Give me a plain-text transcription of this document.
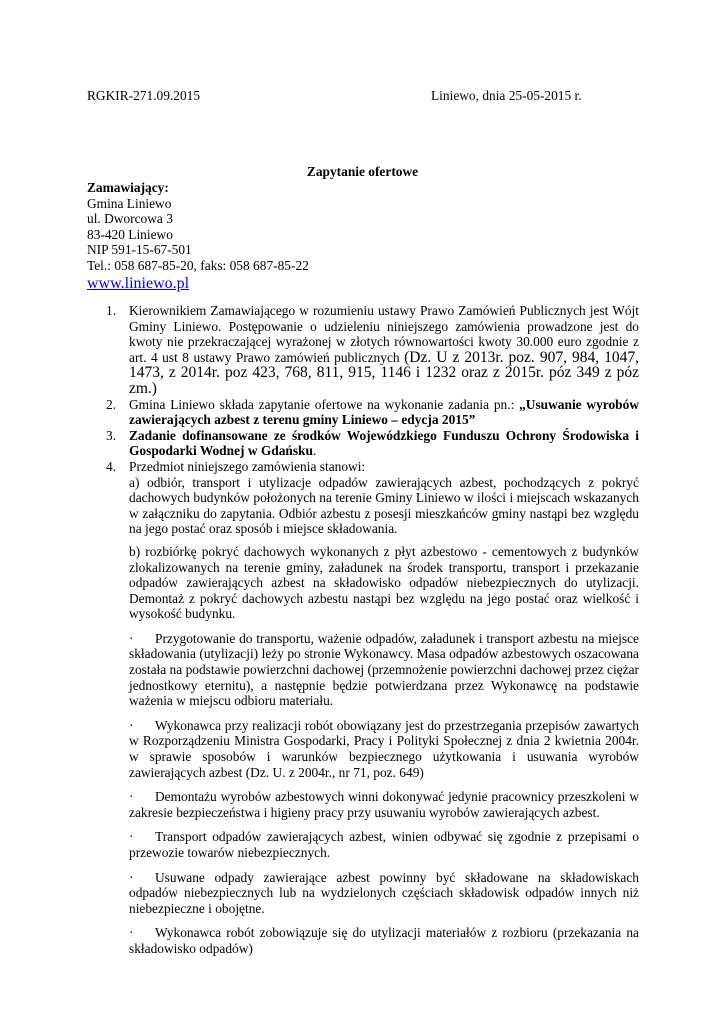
RGKIR-271.09.2015	Liniewo, dnia 25-05-2015 r.
Zapytanie ofertowe
Zamawiający:
Gmina Liniewo
ul. Dworcowa 3
83-420 Liniewo
NIP 591-15-67-501
Tel.: 058 687-85-20, faks: 058 687-85-22
www.liniewo.pl
1. Kierownikiem Zamawiającego w rozumieniu ustawy Prawo Zamówień Publicznych jest Wójt Gminy Liniewo. Postępowanie o udzieleniu niniejszego zamówienia prowadzone jest do kwoty nie przekraczającej wyrażonej w złotych równowartości kwoty 30.000 euro zgodnie z art. 4 ust 8 ustawy Prawo zamówień publicznych (Dz. U z 2013r. poz. 907, 984, 1047, 1473, z 2014r. poz 423, 768, 811, 915, 1146 i 1232 oraz z 2015r. póz 349 z póz zm.)

2. Gmina Liniewo składa zapytanie ofertowe na wykonanie zadania pn.: „Usuwanie wyrobów zawierających azbest z terenu gminy Liniewo – edycja 2015”

3. Zadanie dofinansowane ze środków Wojewódzkiego Funduszu Ochrony Środowiska i Gospodarki Wodnej w Gdańsku.

4. Przedmiot niniejszego zamówienia stanowi:

a) odbiór, transport i utylizacje odpadów zawierających azbest, pochodzących z pokryć dachowych budynków położonych na terenie Gminy Liniewo w ilości i miejscach wskazanych w załączniku do zapytania. Odbiór azbestu z posesji mieszkańców gminy nastąpi bez względu na jego postać oraz sposób i miejsce składowania.

b) rozbiórkę pokryć dachowych wykonanych z płyt azbestowo - cementowych z budynków zlokalizowanych na terenie gminy, załadunek na środek transportu, transport i przekazanie odpadów zawierających azbest na składowisko odpadów niebezpiecznych do utylizacji. Demontaż z pokryć dachowych azbestu nastąpi bez względu na jego postać oraz wielkość i wysokość budynku.

· Przygotowanie do transportu, ważenie odpadów, załadunek i transport azbestu na miejsce składowania (utylizacji) leży po stronie Wykonawcy. Masa odpadów azbestowych oszacowana została na podstawie powierzchni dachowej (przemnożenie powierzchni dachowej przez ciężar jednostkowy eternitu), a następnie będzie potwierdzana przez Wykonawcę na podstawie ważenia w miejscu odbioru materiału.

· Wykonawca przy realizacji robót obowiązany jest do przestrzegania przepisów zawartych w Rozporządzeniu Ministra Gospodarki, Pracy i Polityki Społecznej z dnia 2 kwietnia 2004r. w sprawie sposobów i warunków bezpiecznego użytkowania i usuwania wyrobów zawierających azbest (Dz. U. z 2004r., nr 71, poz. 649)

· Demontażu wyrobów azbestowych winni dokonywać jedynie pracownicy przeszkoleni w zakresie bezpieczeństwa i higieny pracy przy usuwaniu wyrobów zawierających azbest.

· Transport odpadów zawierających azbest, winien odbywać się zgodnie z przepisami o przewozie towarów niebezpiecznych.

· Usuwane odpady zawierające azbest powinny być składowane na składowiskach odpadów niebezpiecznych lub na wydzielonych częściach składowisk odpadów innych niż niebezpieczne i obojętne.

· Wykonawca robót zobowiązuje się do utylizacji materiałów z rozbioru (przekazania na składowisko odpadów)
